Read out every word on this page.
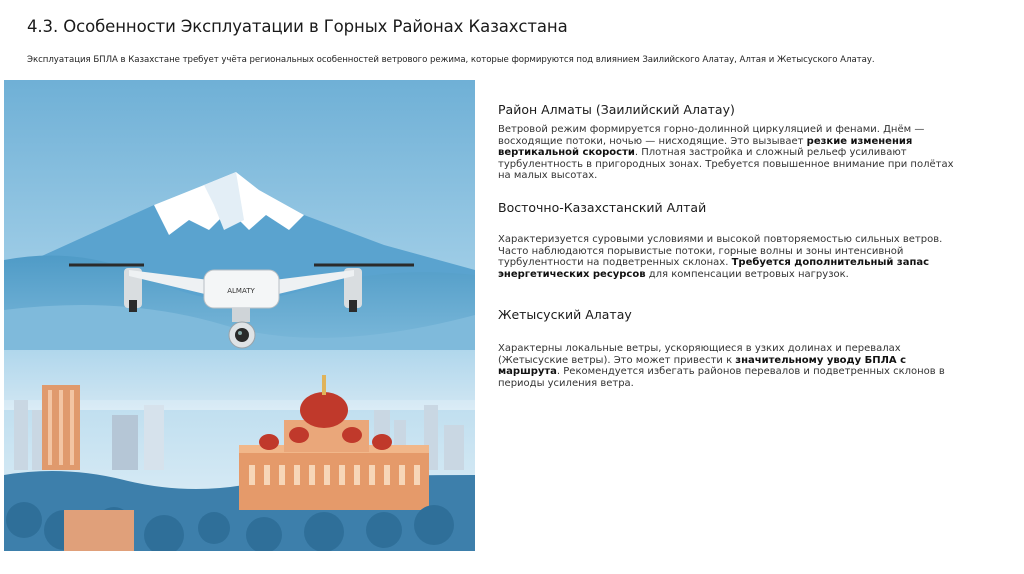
4.3. Особенности Эксплуатации в Горных Районах Казахстана
Эксплуатация БПЛА в Казахстане требует учёта региональных особенностей ветрового режима, которые формируются под влиянием Заилийского Алатау, Алтая и Жетысуского Алатау.
ALMATY
Район Алматы (Заилийский Алатау)
Ветровой режим формируется горно-долинной циркуляцией и фенами. Днём — восходящие потоки, ночью — нисходящие. Это вызывает резкие изменения вертикальной скорости. Плотная застройка и сложный рельеф усиливают турбулентность в пригородных зонах. Требуется повышенное внимание при полётах на малых высотах.
Восточно-Казахстанский Алтай
Характеризуется суровыми условиями и высокой повторяемостью сильных ветров. Часто наблюдаются порывистые потоки, горные волны и зоны интенсивной турбулентности на подветренных склонах. Требуется дополнительный запас энергетических ресурсов для компенсации ветровых нагрузок.
Жетысуский Алатау
Характерны локальные ветры, ускоряющиеся в узких долинах и перевалах (Жетысуские ветры). Это может привести к значительному уводу БПЛА с маршрута. Рекомендуется избегать районов перевалов и подветренных склонов в периоды усиления ветра.
